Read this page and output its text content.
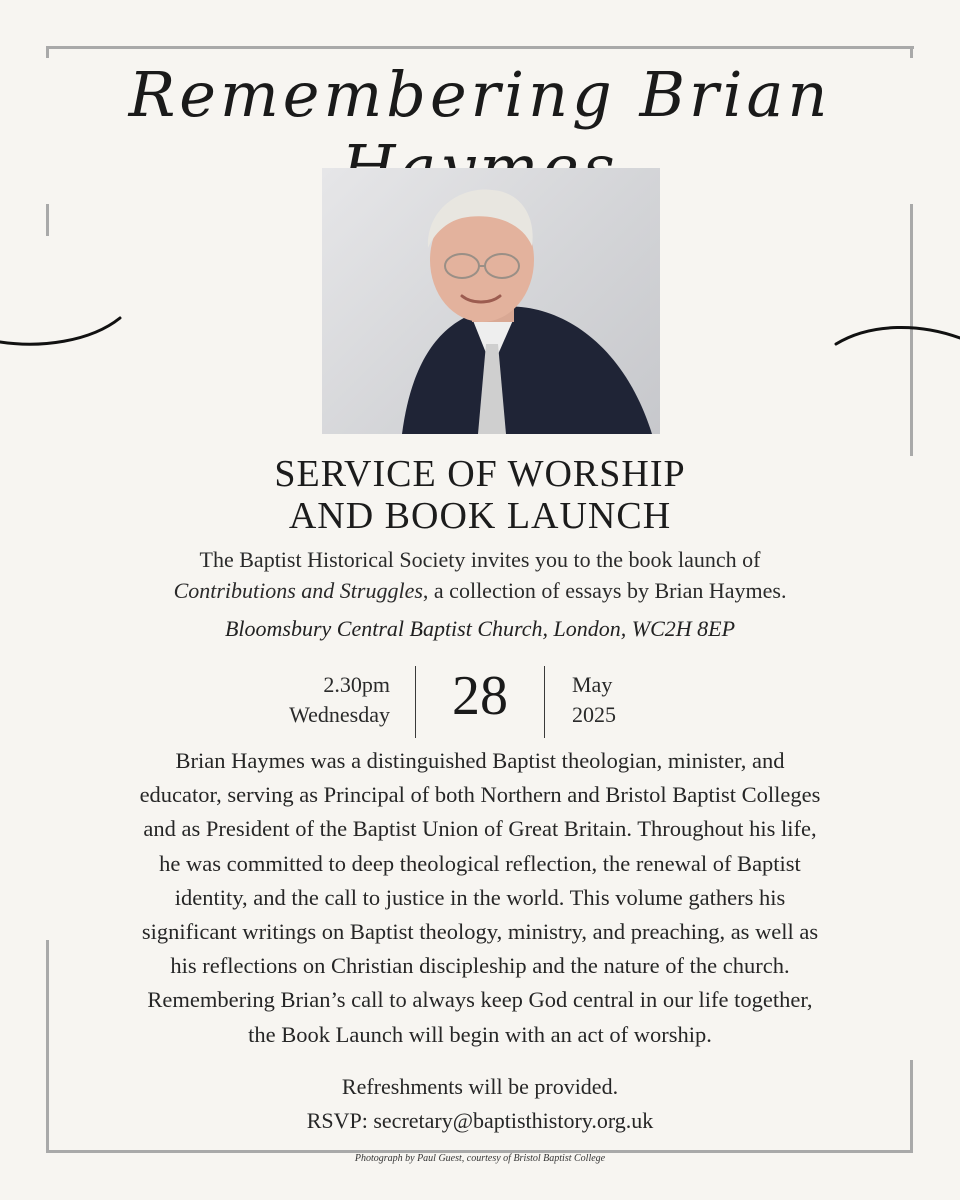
Remembering Brian
SERVICE OF WORSHIP
AND BOOK LAUNCH
The Baptist Historical Society invites you to the book launch of
Contributions and Struggles, a collection of essays by Brian Haymes.
Bloomsbury Central Baptist Church, London, WC2H 8EP
2.30pm
Wednesday	28	May
2025
Brian Haymes was a distinguished Baptist theologian, minister, and
educator, serving as Principal of both Northern and Bristol Baptist Colleges
and as President of the Baptist Union of Great Britain. Throughout his life,
he was committed to deep theological reflection, the renewal of Baptist
identity, and the call to justice in the world. This volume gathers his
significant writings on Baptist theology, ministry, and preaching, as well as
his reflections on Christian discipleship and the nature of the church.
Remembering Brian’s call to always keep God central in our life together,
the Book Launch will begin with an act of worship.
Refreshments will be provided.
RSVP: secretary@baptisthistory.org.uk
Photograph by Paul Guest, courtesy of Bristol Baptist College
